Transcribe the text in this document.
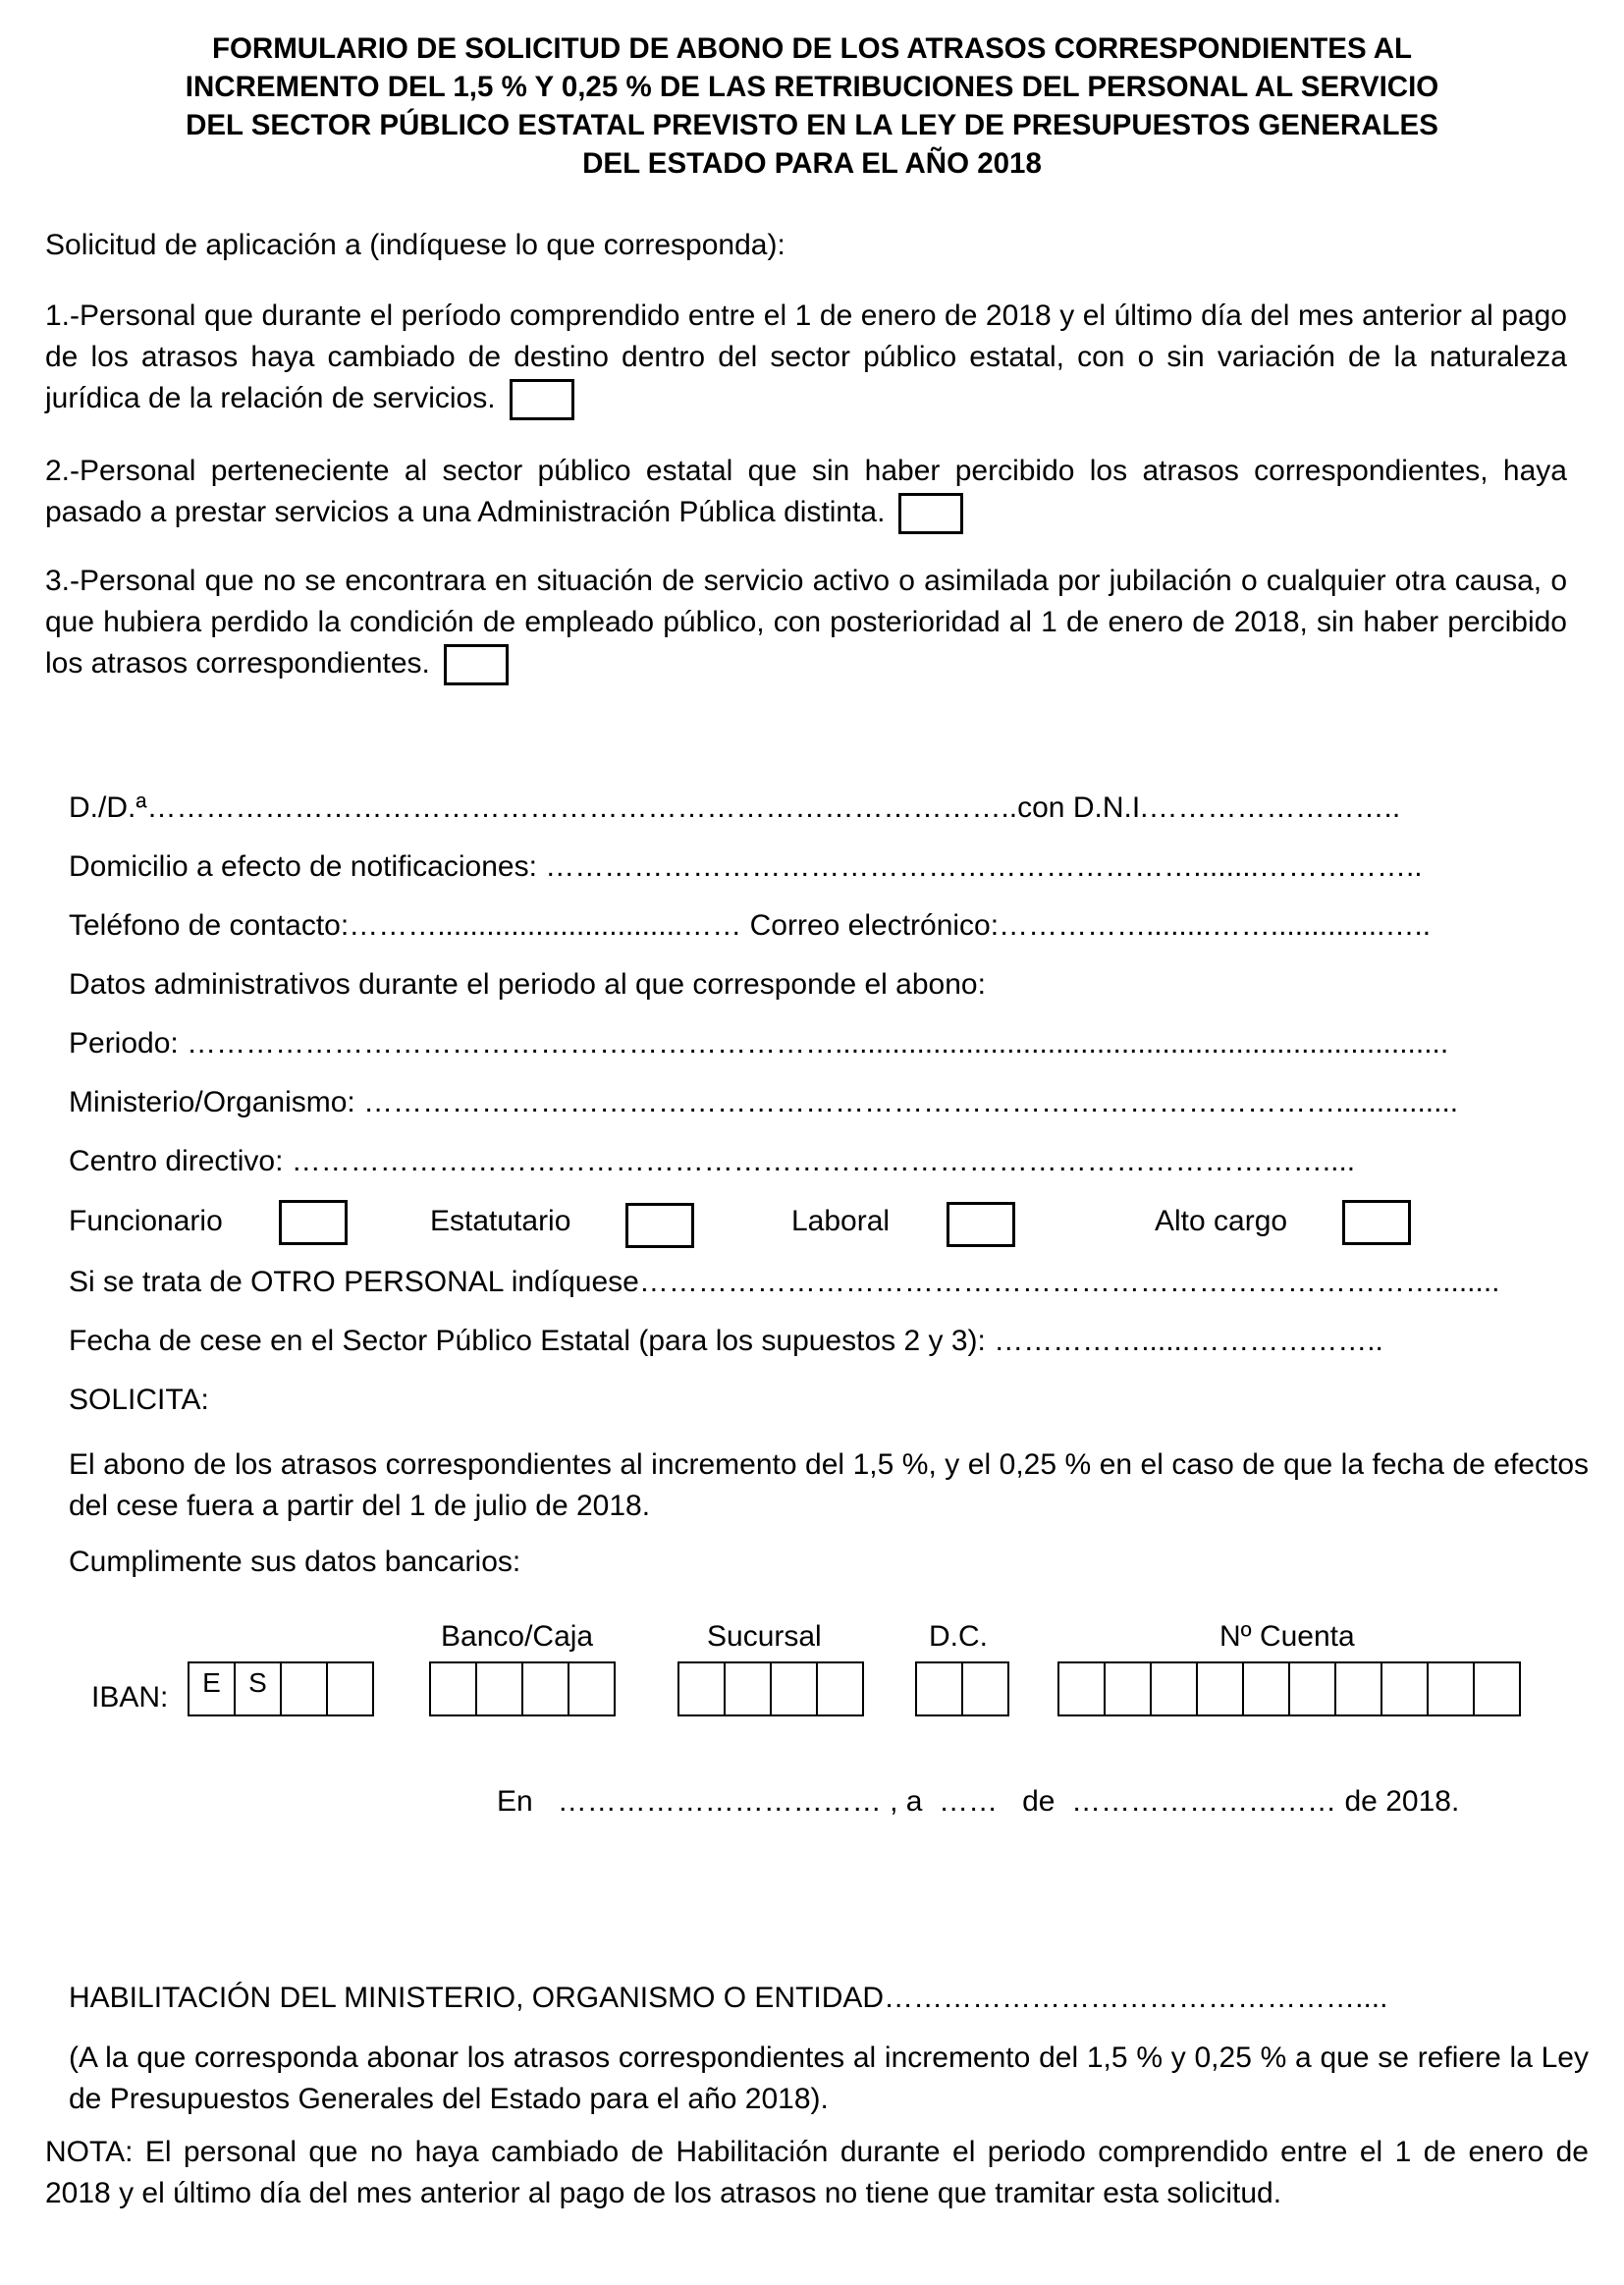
FORMULARIO DE SOLICITUD DE ABONO DE LOS ATRASOS CORRESPONDIENTES AL
INCREMENTO DEL 1,5 % Y 0,25 % DE LAS RETRIBUCIONES DEL PERSONAL AL SERVICIO
DEL SECTOR PÚBLICO ESTATAL PREVISTO EN LA LEY DE PRESUPUESTOS GENERALES
DEL ESTADO PARA EL AÑO 2018
Solicitud de aplicación a (indíquese lo que corresponda):
1.-Personal que durante el período comprendido entre el 1 de enero de 2018 y el último día del mes anterior al pago de los atrasos haya cambiado de destino dentro del sector público estatal, con o sin variación de la naturaleza jurídica de la relación de servicios.
2.-Personal perteneciente al sector público estatal que sin haber percibido los atrasos correspondientes, haya pasado a prestar servicios a una Administración Pública distinta.
3.-Personal que no se encontrara en situación de servicio activo o asimilada por jubilación o cualquier otra causa, o que hubiera perdido la condición de empleado público, con posterioridad al 1 de enero de 2018, sin haber percibido los atrasos correspondientes.
D./D.ª……………………………………………………………………………..con D.N.I.……………………..
Domicilio a efecto de notificaciones: …………………………………………………………........……………..
Teléfono de contacto:………..............................…… Correo electrónico:……………........……..............…..
Datos administrativos durante el periodo al que corresponde el abono:
Periodo: …………………………………………………………...........................................................................
Ministerio/Organismo: ………………………………………………………………………………………...............
Centro directivo: ……………………………………………………………………………………………....
Funcionario	Estatutario	Laboral	Alto cargo
Si se trata de OTRO PERSONAL indíquese………………………………………………………………………........
Fecha de cese en el Sector Público Estatal (para los supuestos 2 y 3): ……………......………………..
SOLICITA:
El abono de los atrasos correspondientes al incremento del 1,5 %, y el 0,25 % en el caso de que la fecha de efectos del cese fuera a partir del 1 de julio de 2018.
Cumplimente sus datos bancarios:
Banco/Caja	Sucursal	D.C.	Nº Cuenta
IBAN:	E	S
En …………………………… , a …… de ……………………… de 2018.
HABILITACIÓN DEL MINISTERIO, ORGANISMO O ENTIDAD…………………………………………....
(A la que corresponda abonar los atrasos correspondientes al incremento del 1,5 % y 0,25 % a que se refiere la Ley de Presupuestos Generales del Estado para el año 2018).
NOTA: El personal que no haya cambiado de Habilitación durante el periodo comprendido entre el 1 de enero de 2018 y el último día del mes anterior al pago de los atrasos no tiene que tramitar esta solicitud.
